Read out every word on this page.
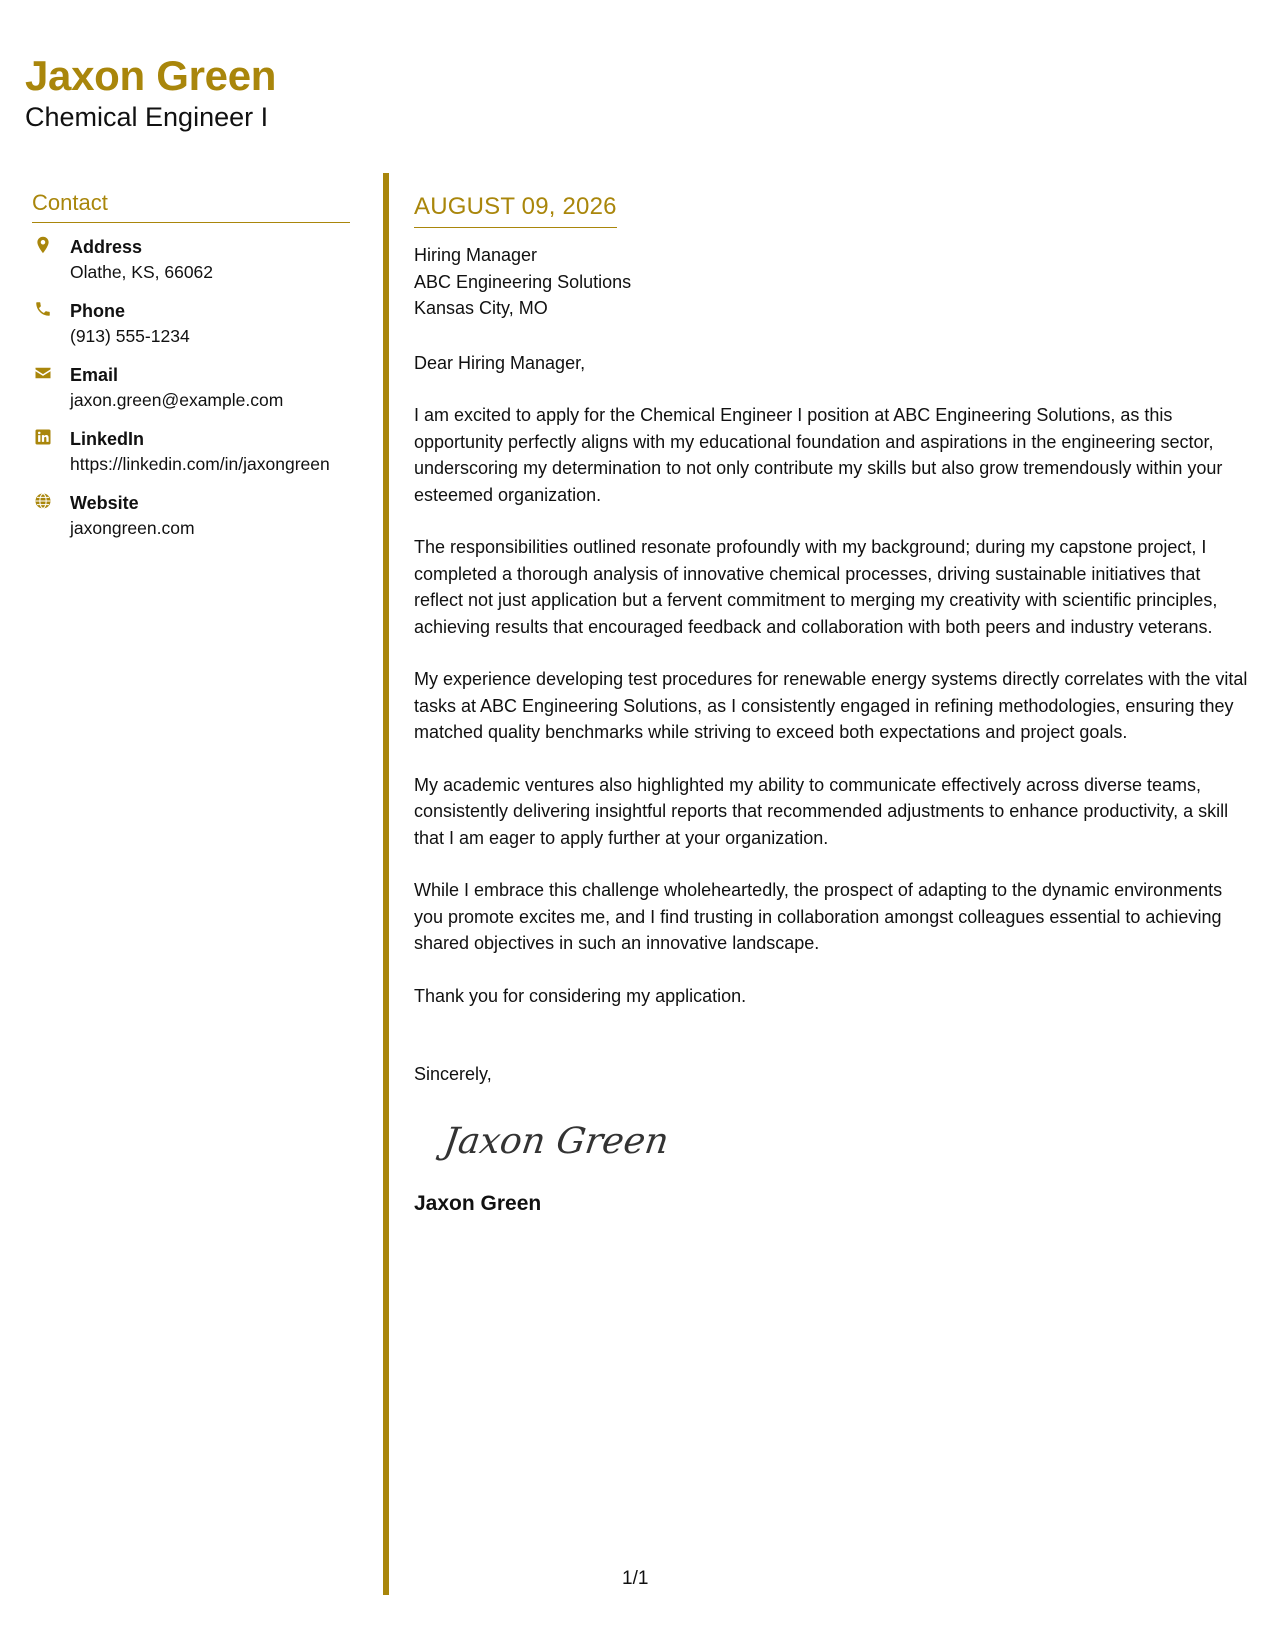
Jaxon Green
Chemical Engineer I
Contact
Address
Olathe, KS, 66062
Phone
(913) 555-1234
Email
jaxon.green@example.com
LinkedIn
https://linkedin.com/in/jaxongreen
Website
jaxongreen.com
AUGUST 09, 2026
Hiring Manager
ABC Engineering Solutions
Kansas City, MO
Dear Hiring Manager,

I am excited to apply for the Chemical Engineer I position at ABC Engineering Solutions, as this opportunity perfectly aligns with my educational foundation and aspirations in the engineering sector, underscoring my determination to not only contribute my skills but also grow tremendously within your esteemed organization.

The responsibilities outlined resonate profoundly with my background; during my capstone project, I completed a thorough analysis of innovative chemical processes, driving sustainable initiatives that reflect not just application but a fervent commitment to merging my creativity with scientific principles, achieving results that encouraged feedback and collaboration with both peers and industry veterans.

My experience developing test procedures for renewable energy systems directly correlates with the vital tasks at ABC Engineering Solutions, as I consistently engaged in refining methodologies, ensuring they matched quality benchmarks while striving to exceed both expectations and project goals.

My academic ventures also highlighted my ability to communicate effectively across diverse teams, consistently delivering insightful reports that recommended adjustments to enhance productivity, a skill that I am eager to apply further at your organization.

While I embrace this challenge wholeheartedly, the prospect of adapting to the dynamic environments you promote excites me, and I find trusting in collaboration amongst colleagues essential to achieving shared objectives in such an innovative landscape.

Thank you for considering my application.

Sincerely,
Jaxon Green
Jaxon Green
1/1
